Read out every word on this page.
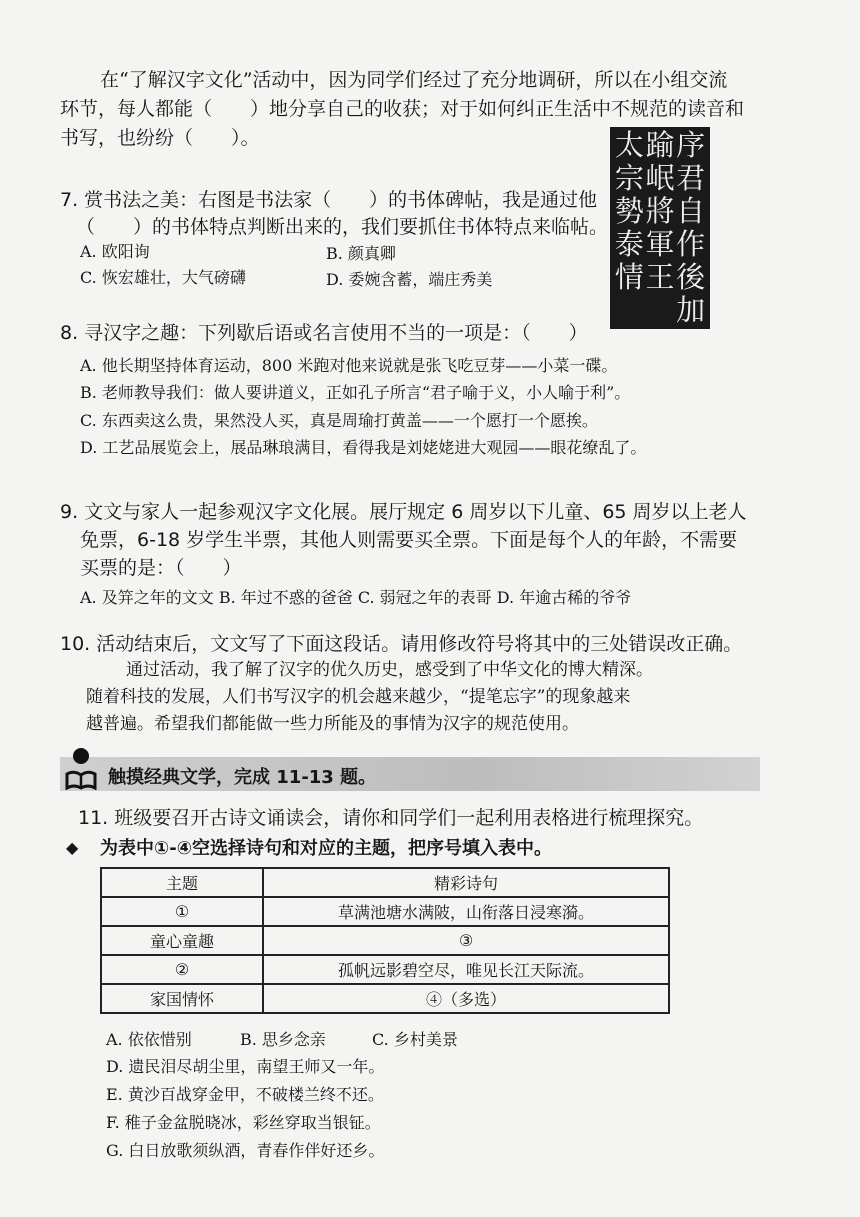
在“了解汉字文化”活动中，因为同学们经过了充分地调研，所以在小组交流

环节，每人都能（　　）地分享自己的收获；对于如何纠正生活中不规范的读音和

书写，也纷纷（　　）。

7. 赏书法之美：右图是书法家（　　）的书体碑帖，我是通过他
（　　）的书体特点判断出来的，我们要抓住书体特点来临帖。
A. 欧阳询	B. 颜真卿
C. 恢宏雄壮，大气磅礴	D. 委婉含蓄，端庄秀美
序
君
自
作
後
加
踰
岷
將
軍
王

太
宗
勢
泰
情

8. 寻汉字之趣：下列歇后语或名言使用不当的一项是：（　　）
A. 他长期坚持体育运动，800 米跑对他来说就是张飞吃豆芽——小菜一碟。
B. 老师教导我们：做人要讲道义，正如孔子所言“君子喻于义，小人喻于利”。
C. 东西卖这么贵，果然没人买，真是周瑜打黄盖——一个愿打一个愿挨。
D. 工艺品展览会上，展品琳琅满目，看得我是刘姥姥进大观园——眼花缭乱了。
9. 文文与家人一起参观汉字文化展。展厅规定 6 周岁以下儿童、65 周岁以上老人
免票，6-18 岁学生半票，其他人则需要买全票。下面是每个人的年龄，不需要
买票的是：（　　）
A. 及笄之年的文文 B. 年过不惑的爸爸 C. 弱冠之年的表哥 D. 年逾古稀的爷爷
10. 活动结束后，文文写了下面这段话。请用修改符号将其中的三处错误改正确。
通过活动，我了解了汉字的优久历史，感受到了中华文化的博大精深。
随着科技的发展，人们书写汉字的机会越来越少，“提笔忘字”的现象越来
越普遍。希望我们都能做一些力所能及的事情为汉字的规范使用。
触摸经典文学，完成 11-13 题。
11. 班级要召开古诗文诵读会，请你和同学们一起利用表格进行梳理探究。
◆ 为表中①-④空选择诗句和对应的主题，把序号填入表中。
主题	精彩诗句
①	草满池塘水满陂，山衔落日浸寒漪。
童心童趣	③
②	孤帆远影碧空尽，唯见长江天际流。
家国情怀	④（多选）
A. 依依惜别	B. 思乡念亲	C. 乡村美景
D. 遗民泪尽胡尘里，南望王师又一年。
E. 黄沙百战穿金甲，不破楼兰终不还。
F. 稚子金盆脱晓冰，彩丝穿取当银钲。
G. 白日放歌须纵酒，青春作伴好还乡。
